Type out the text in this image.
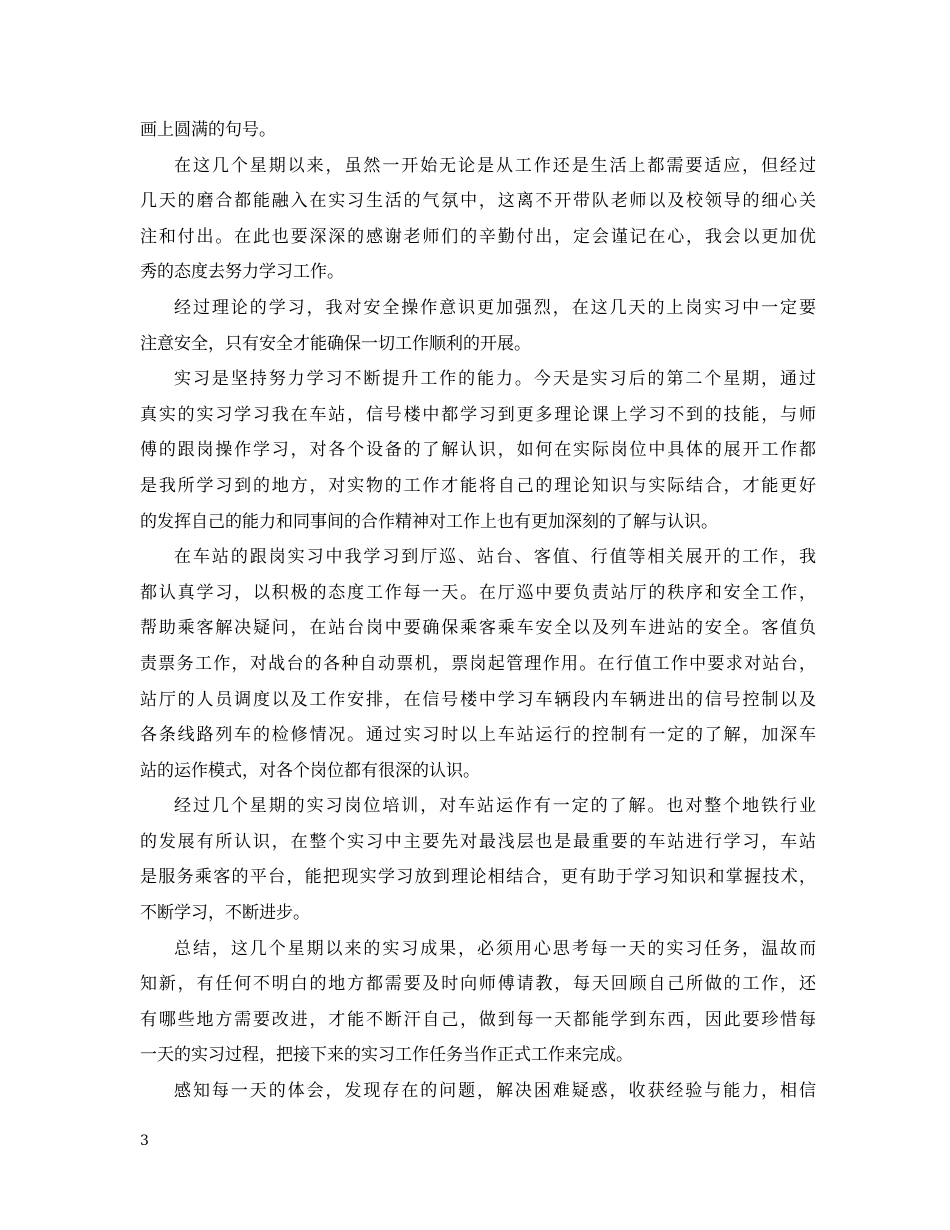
画上圆满的句号。
在这几个星期以来，虽然一开始无论是从工作还是生活上都需要适应，但经过
几天的磨合都能融入在实习生活的气氛中，这离不开带队老师以及校领导的细心关
注和付出。在此也要深深的感谢老师们的辛勤付出，定会谨记在心，我会以更加优
秀的态度去努力学习工作。
经过理论的学习，我对安全操作意识更加强烈，在这几天的上岗实习中一定要
注意安全，只有安全才能确保一切工作顺利的开展。
实习是坚持努力学习不断提升工作的能力。今天是实习后的第二个星期，通过
真实的实习学习我在车站，信号楼中都学习到更多理论课上学习不到的技能，与师
傅的跟岗操作学习，对各个设备的了解认识，如何在实际岗位中具体的展开工作都
是我所学习到的地方，对实物的工作才能将自己的理论知识与实际结合，才能更好
的发挥自己的能力和同事间的合作精神对工作上也有更加深刻的了解与认识。
在车站的跟岗实习中我学习到厅巡、站台、客值、行值等相关展开的工作，我
都认真学习，以积极的态度工作每一天。在厅巡中要负责站厅的秩序和安全工作，
帮助乘客解决疑问，在站台岗中要确保乘客乘车安全以及列车进站的安全。客值负
责票务工作，对战台的各种自动票机，票岗起管理作用。在行值工作中要求对站台，
站厅的人员调度以及工作安排，在信号楼中学习车辆段内车辆进出的信号控制以及
各条线路列车的检修情况。通过实习时以上车站运行的控制有一定的了解，加深车
站的运作模式，对各个岗位都有很深的认识。
经过几个星期的实习岗位培训，对车站运作有一定的了解。也对整个地铁行业
的发展有所认识，在整个实习中主要先对最浅层也是最重要的车站进行学习，车站
是服务乘客的平台，能把现实学习放到理论相结合，更有助于学习知识和掌握技术，
不断学习，不断进步。
总结，这几个星期以来的实习成果，必须用心思考每一天的实习任务，温故而
知新，有任何不明白的地方都需要及时向师傅请教，每天回顾自己所做的工作，还
有哪些地方需要改进，才能不断汗自己，做到每一天都能学到东西，因此要珍惜每
一天的实习过程，把接下来的实习工作任务当作正式工作来完成。
感知每一天的体会，发现存在的问题，解决困难疑惑，收获经验与能力，相信
3
